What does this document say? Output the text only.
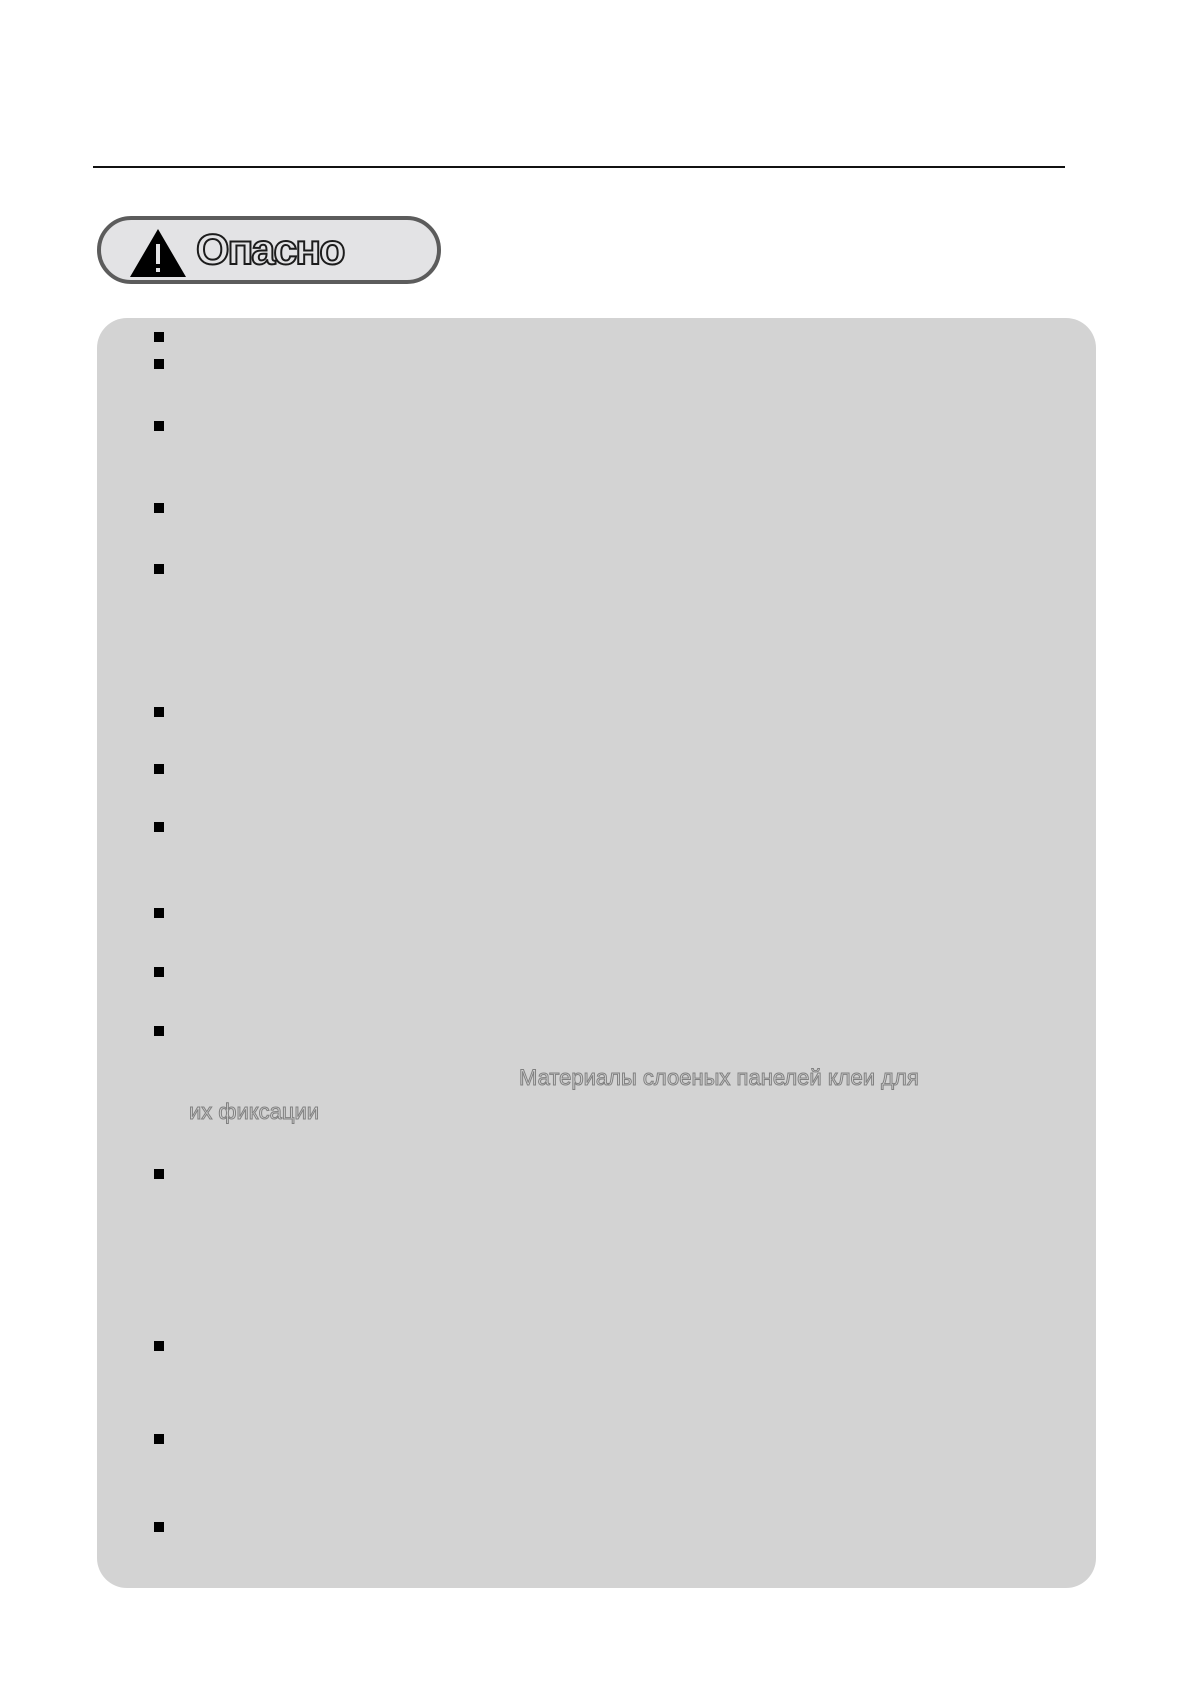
Опасно
Материалы слоеных панелей клеи для
их фиксации
